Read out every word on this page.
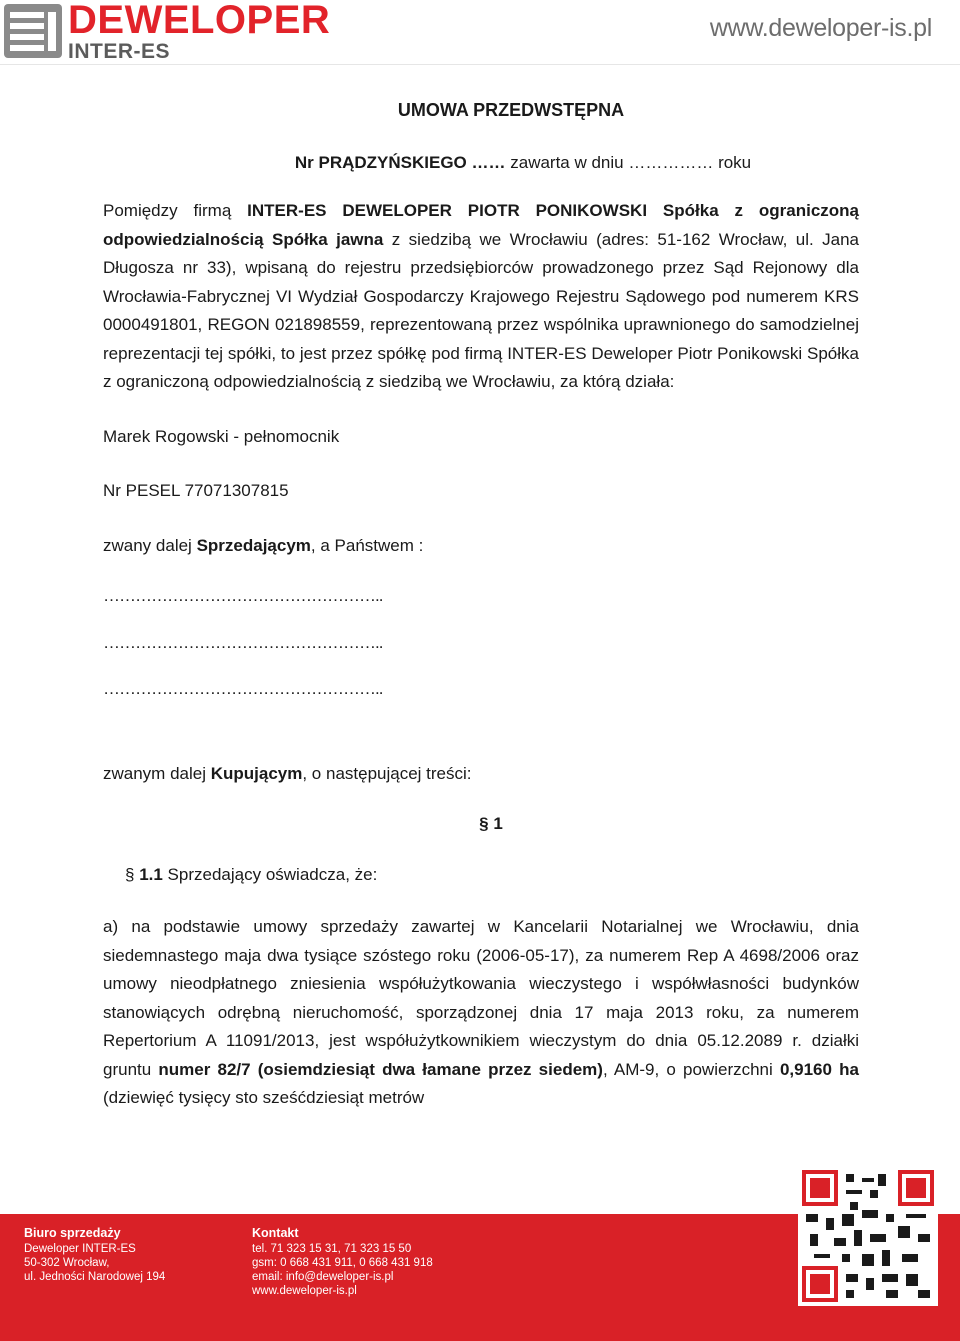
DEWELOPER
INTER-ES
www.deweloper-is.pl

UMOWA PRZEDWSTĘPNA

Nr PRĄDZYŃSKIEGO …… zawarta w dniu …………… roku

Pomiędzy firmą INTER-ES DEWELOPER PIOTR PONIKOWSKI Spółka z ograniczoną odpowiedzialnością Spółka jawna z siedzibą we Wrocławiu (adres: 51-162 Wrocław, ul. Jana Długosza nr 33), wpisaną do rejestru przedsiębiorców prowadzonego przez Sąd Rejonowy dla Wrocławia-Fabrycznej VI Wydział Gospodarczy Krajowego Rejestru Sądowego pod numerem KRS 0000491801, REGON 021898559, reprezentowaną przez wspólnika uprawnionego do samodzielnej reprezentacji tej spółki, to jest przez spółkę pod firmą INTER-ES Deweloper Piotr Ponikowski Spółka z ograniczoną odpowiedzialnością z siedzibą we Wrocławiu, za którą działa:

Marek Rogowski - pełnomocnik

Nr PESEL 77071307815

zwany dalej Sprzedającym, a Państwem :

……………………………………………..

……………………………………………..

……………………………………………..

zwanym dalej Kupującym, o następującej treści:

§ 1

§ 1.1 Sprzedający oświadcza, że:

a) na podstawie umowy sprzedaży zawartej w Kancelarii Notarialnej we Wrocławiu, dnia siedemnastego maja dwa tysiące szóstego roku (2006-05-17), za numerem Rep A 4698/2006 oraz umowy nieodpłatnego zniesienia współużytkowania wieczystego i współwłasności budynków stanowiących odrębną nieruchomość, sporządzonej dnia 17 maja 2013 roku, za numerem Repertorium A 11091/2013, jest współużytkownikiem wieczystym do dnia 05.12.2089 r. działki gruntu numer 82/7 (osiemdziesiąt dwa łamane przez siedem), AM-9, o powierzchni 0,9160 ha (dziewięć tysięcy sto sześćdziesiąt metrów

Biuro sprzedaży
Deweloper INTER-ES
50-302 Wrocław,
ul. Jedności Narodowej 194
Kontakt
tel. 71 323 15 31, 71 323 15 50
gsm: 0 668 431 911, 0 668 431 918
email: info@deweloper-is.pl
www.deweloper-is.pl
